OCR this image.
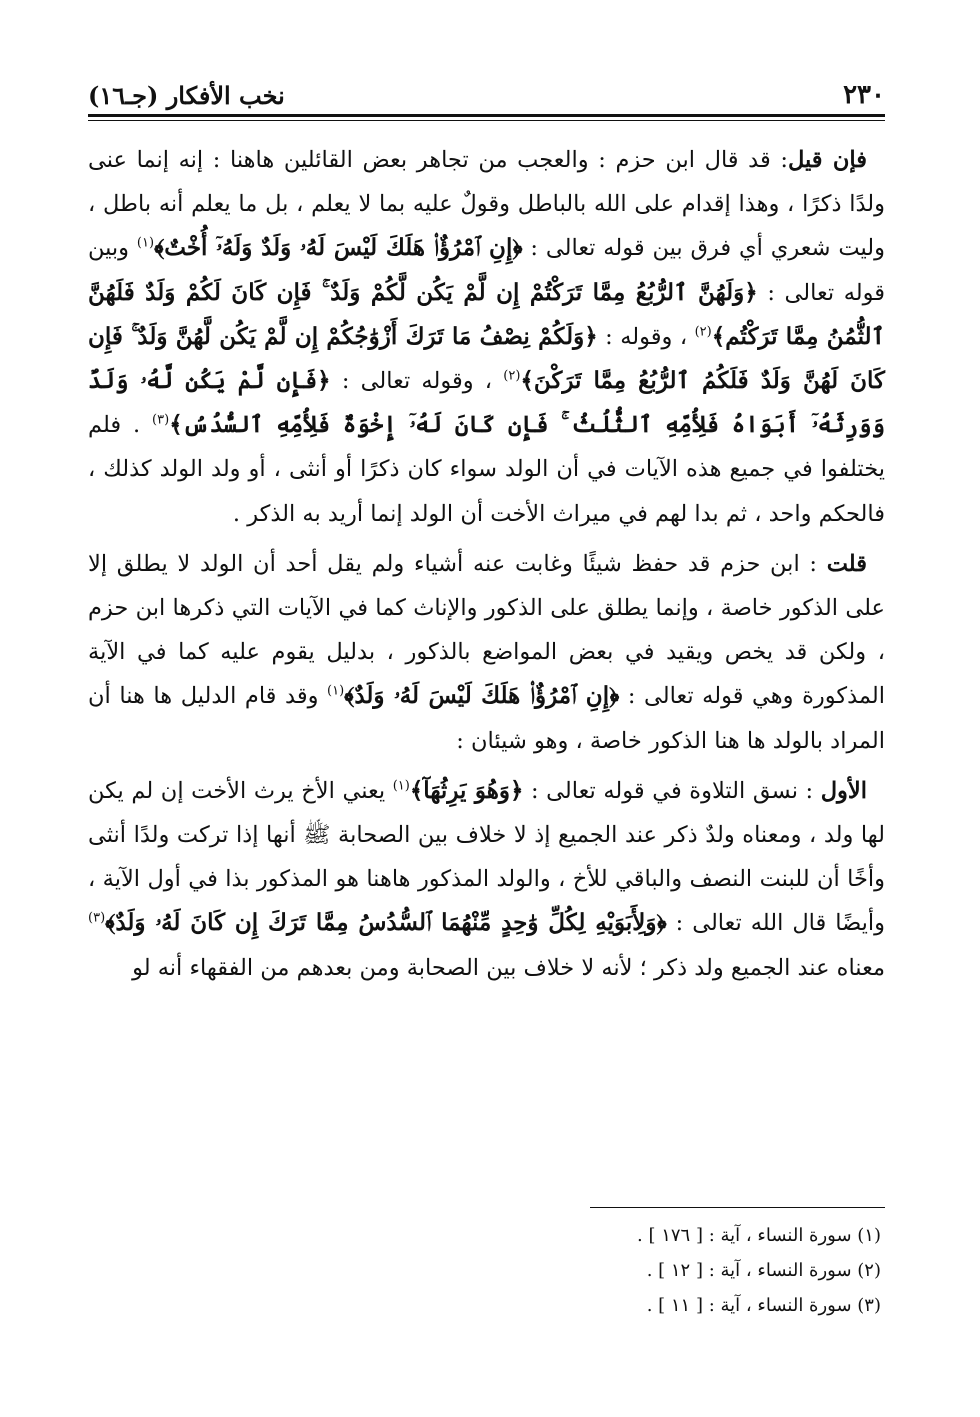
٢٣٠
نخب الأفكار (جـ١٦)

فإن قيل: قد قال ابن حزم : والعجب من تجاهر بعض القائلين هاهنا : إنه إنما عنى ولدًا ذكرًا ، وهذا إقدام على الله بالباطل وقولٌ عليه بما لا يعلم ، بل ما يعلم أنه باطل ، وليت شعري أي فرق بين قوله تعالى : ﴿إِنِ ٱمْرُؤٌا۟ هَلَكَ لَيْسَ لَهُۥ وَلَدٌ وَلَهُۥٓ أُخْتٌ﴾$^{(١)}$ وبين قوله تعالى : ﴿وَلَهُنَّ ٱلرُّبُعُ مِمَّا تَرَكْتُمْ إِن لَّمْ يَكُن لَّكُمْ وَلَدٌ ۚ فَإِن كَانَ لَكُمْ وَلَدٌ فَلَهُنَّ ٱلثُّمُنُ مِمَّا تَرَكْتُم﴾$^{(٢)}$ ، وقوله : ﴿وَلَكُمْ نِصْفُ مَا تَرَكَ أَزْوَٰجُكُمْ إِن لَّمْ يَكُن لَّهُنَّ وَلَدٌ ۚ فَإِن كَانَ لَهُنَّ وَلَدٌ فَلَكُمُ ٱلرُّبُعُ مِمَّا تَرَكْنَ﴾$^{(٢)}$ ، وقوله تعالى : ﴿فَإِن لَّمْ يَكُن لَّهُۥ وَلَدٌ وَوَرِثَهُۥٓ أَبَوَاهُ فَلِأُمِّهِ ٱلثُّلُثُ ۚ فَإِن كَانَ لَهُۥٓ إِخْوَةٌ فَلِأُمِّهِ ٱلسُّدُسُ﴾$^{(٣)}$ . فلم يختلفوا في جميع هذه الآيات في أن الولد سواء كان ذكرًا أو أنثى ، أو ولد الولد كذلك ، فالحكم واحد ، ثم بدا لهم في ميراث الأخت أن الولد إنما أريد به الذكر .

قلت : ابن حزم قد حفظ شيئًا وغابت عنه أشياء ولم يقل أحد أن الولد لا يطلق إلا على الذكور خاصة ، وإنما يطلق على الذكور والإناث كما في الآيات التي ذكرها ابن حزم ، ولكن قد يخص ويقيد في بعض المواضع بالذكور ، بدليل يقوم عليه كما في الآية المذكورة وهي قوله تعالى : ﴿إِنِ ٱمْرُؤٌا۟ هَلَكَ لَيْسَ لَهُۥ وَلَدٌ﴾$^{(١)}$ وقد قام الدليل ها هنا أن المراد بالولد ها هنا الذكور خاصة ، وهو شيئان :

الأول : نسق التلاوة في قوله تعالى : ﴿وَهُوَ يَرِثُهَآ﴾$^{(١)}$ يعني الأخ يرث الأخت إن لم يكن لها ولد ، ومعناه ولدٌ ذكر عند الجميع إذ لا خلاف بين الصحابة ﷺ أنها إذا تركت ولدًا أنثى وأخًا أن للبنت النصف والباقي للأخ ، والولد المذكور هاهنا هو المذكور بذا في أول الآية ، وأيضًا قال الله تعالى : ﴿وَلِأَبَوَيْهِ لِكُلِّ وَٰحِدٍ مِّنْهُمَا ٱلسُّدُسُ مِمَّا تَرَكَ إِن كَانَ لَهُۥ وَلَدٌ﴾$^{(٣)}$ معناه عند الجميع ولد ذكر ؛ لأنه لا خلاف بين الصحابة ومن بعدهم من الفقهاء أنه لو

(١) سورة النساء ، آية : [ ١٧٦ ] .

(٢) سورة النساء ، آية : [ ١٢ ] .

(٣) سورة النساء ، آية : [ ١١ ] .
